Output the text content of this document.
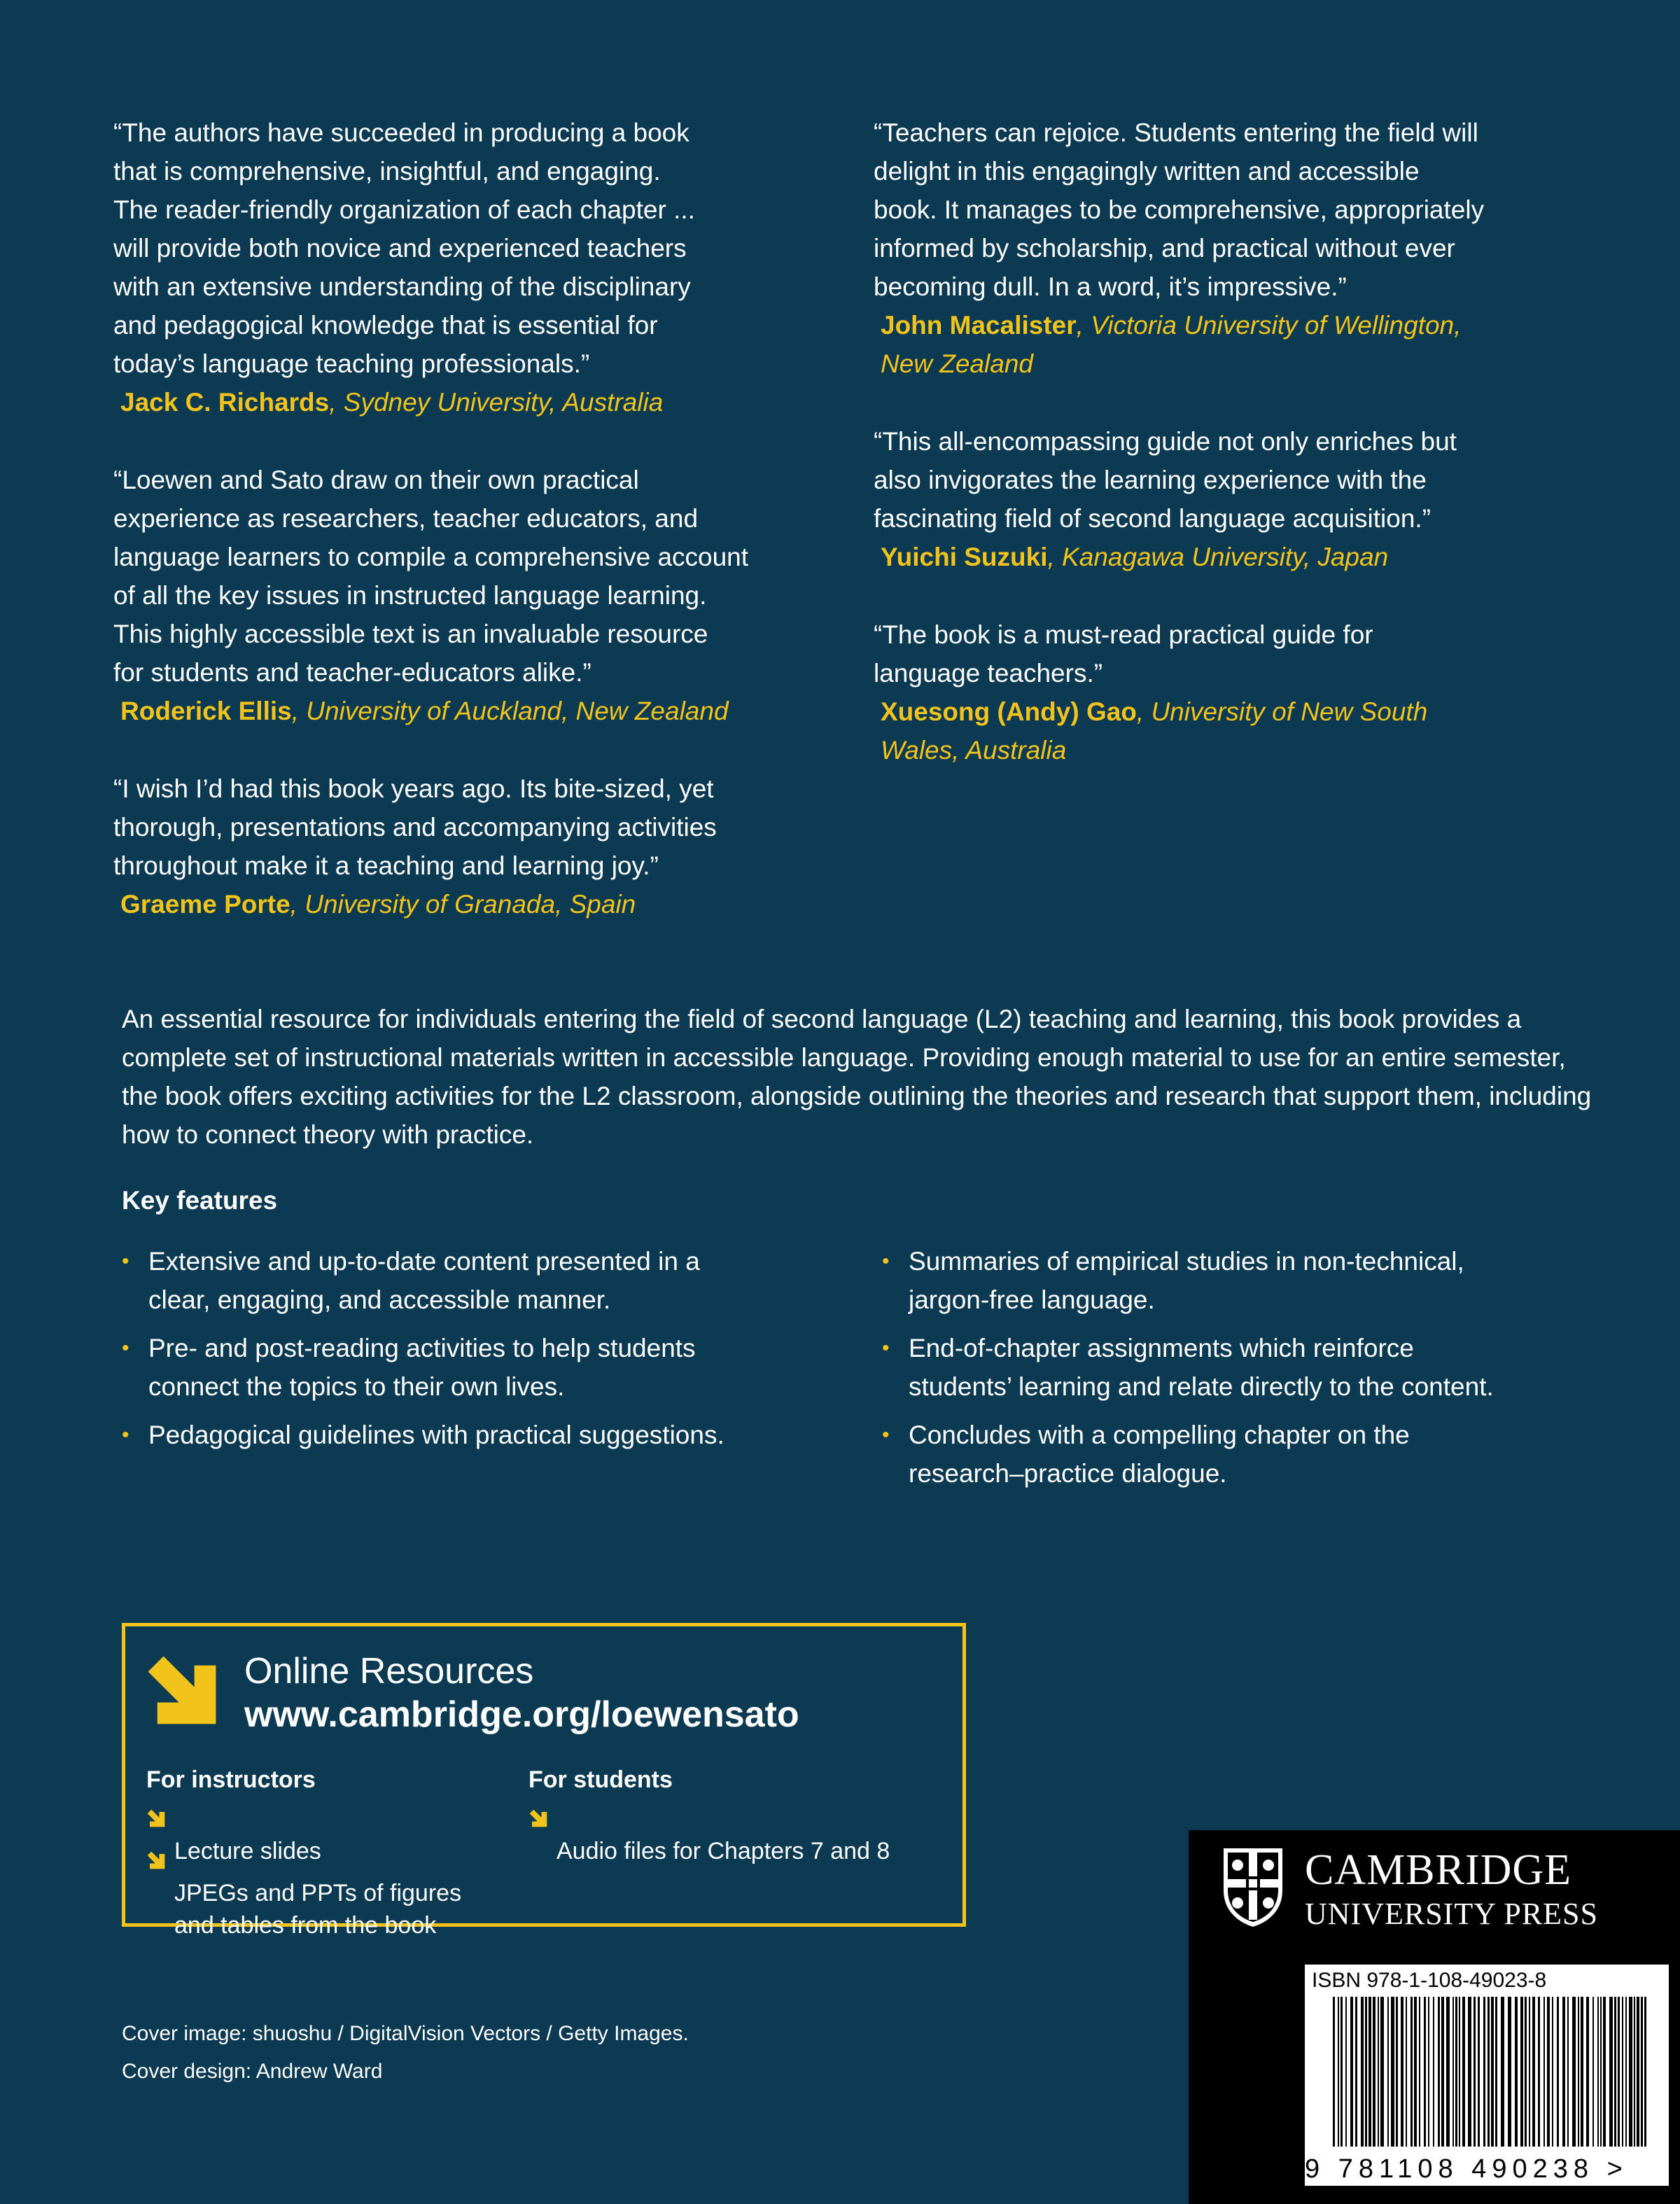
“The authors have succeeded in producing a book
that is comprehensive, insightful, and engaging.
The reader-friendly organization of each chapter ...
will provide both novice and experienced teachers
with an extensive understanding of the disciplinary
and pedagogical knowledge that is essential for
today’s language teaching professionals.”

Jack C. Richards, Sydney University, Australia

“Loewen and Sato draw on their own practical
experience as researchers, teacher educators, and
language learners to compile a comprehensive account
of all the key issues in instructed language learning.
This highly accessible text is an invaluable resource
for students and teacher-educators alike.”

Roderick Ellis, University of Auckland, New Zealand

“I wish I’d had this book years ago. Its bite-sized, yet
thorough, presentations and accompanying activities
throughout make it a teaching and learning joy.”

Graeme Porte, University of Granada, Spain

“Teachers can rejoice. Students entering the field will
delight in this engagingly written and accessible
book. It manages to be comprehensive, appropriately
informed by scholarship, and practical without ever
becoming dull. In a word, it’s impressive.”

John Macalister, Victoria University of Wellington,
New Zealand

“This all-encompassing guide not only enriches but
also invigorates the learning experience with the
fascinating field of second language acquisition.”

Yuichi Suzuki, Kanagawa University, Japan

“The book is a must-read practical guide for
language teachers.”

Xuesong (Andy) Gao, University of New South
Wales, Australia

An essential resource for individuals entering the field of second language (L2) teaching and learning, this book provides a complete set of instructional materials written in accessible language. Providing enough material to use for an entire semester, the book offers exciting activities for the L2 classroom, alongside outlining the theories and research that support them, including how to connect theory with practice.

Key features

• Extensive and up-to-date content presented in a
clear, engaging, and accessible manner.
• Pre- and post-reading activities to help students
connect the topics to their own lives.
• Pedagogical guidelines with practical suggestions.
• Summaries of empirical studies in non-technical,
jargon-free language.
• End-of-chapter assignments which reinforce
students’ learning and relate directly to the content.
• Concludes with a compelling chapter on the
research–practice dialogue.

Online Resources

www.cambridge.org/loewensato

For instructors

Lecture slides

JPEGs and PPTs of figures
and tables from the book

For students

Audio files for Chapters 7 and 8

Cover image: shuoshu / DigitalVision Vectors / Getty Images.

Cover design: Andrew Ward

CAMBRIDGE

UNIVERSITY PRESS

ISBN 978-1-108-49023-8

9 781108 490238 >
